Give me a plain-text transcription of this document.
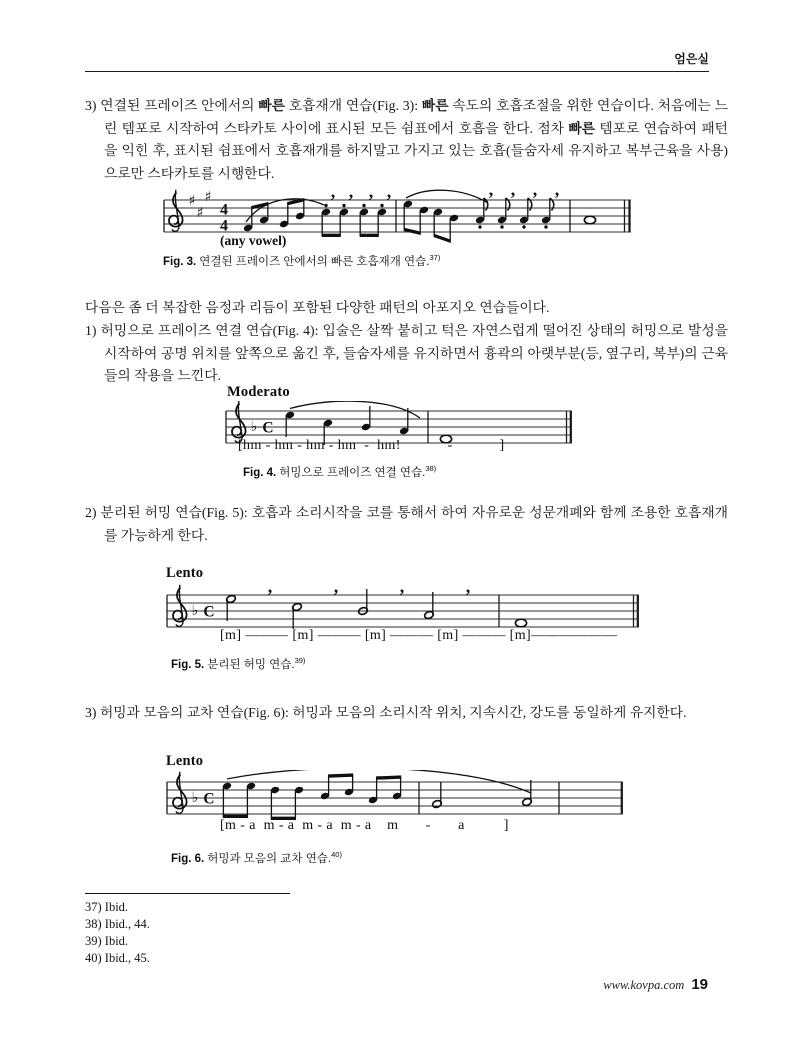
엄은실
3) 연결된 프레이즈 안에서의 빠른 호흡재개 연습(Fig. 3): 빠른 속도의 호흡조절을 위한 연습이다. 처음에는 느린 템포로 시작하여 스타카토 사이에 표시된 모든 쉼표에서 호흡을 한다. 점차 빠른 템포로 연습하여 패턴을 익힌 후, 표시된 쉼표에서 호흡재개를 하지말고 가지고 있는 호흡(들숨자세 유지하고 복부근육을 사용)으로만 스타카토를 시행한다.
♯
♯
♯
4
4
, , , ,	, , , ,
(any vowel)
Fig. 3. 연결된 프레이즈 안에서의 빠른 호흡재개 연습.$^{37)}$
다음은 좀 더 복잡한 음정과 리듬이 포함된 다양한 패턴의 아포지오 연습들이다.
1) 허밍으로 프레이즈 연결 연습(Fig. 4): 입술은 살짝 붙히고 턱은 자연스럽게 떨어진 상태의 허밍으로 발성을 시작하여 공명 위치를 앞쪽으로 옮긴 후, 들숨자세를 유지하면서 흉곽의 아랫부분(등, 옆구리, 복부)의 근육들의 작용을 느낀다.
Moderato
♭ C
[hm - hm - hm - hm  -  hm!            -            ]
Fig. 4. 허밍으로 프레이즈 연결 연습.$^{38)}$
2) 분리된 허밍 연습(Fig. 5): 호흡과 소리시작을 코를 통해서 하여 자유로운 성문개폐와 함께 조용한 호흡재개를 가능하게 한다.
Lento
♭ C
,	,	,	,
[m] ――― [m] ――― [m] ――― [m] ――― [m]――――――
Fig. 5. 분리된 허밍 연습.$^{39)}$
3) 허밍과 모음의 교차 연습(Fig. 6): 허밍과 모음의 소리시작 위치, 지속시간, 강도를 동일하게 유지한다.
Lento
♭ C
[m - a  m - a  m - a  m - a    m       -       a          ]
Fig. 6. 허밍과 모음의 교차 연습.$^{40)}$
37) Ibid.
38) Ibid., 44.
39) Ibid.
40) Ibid., 45.
www.kovpa.com 19
